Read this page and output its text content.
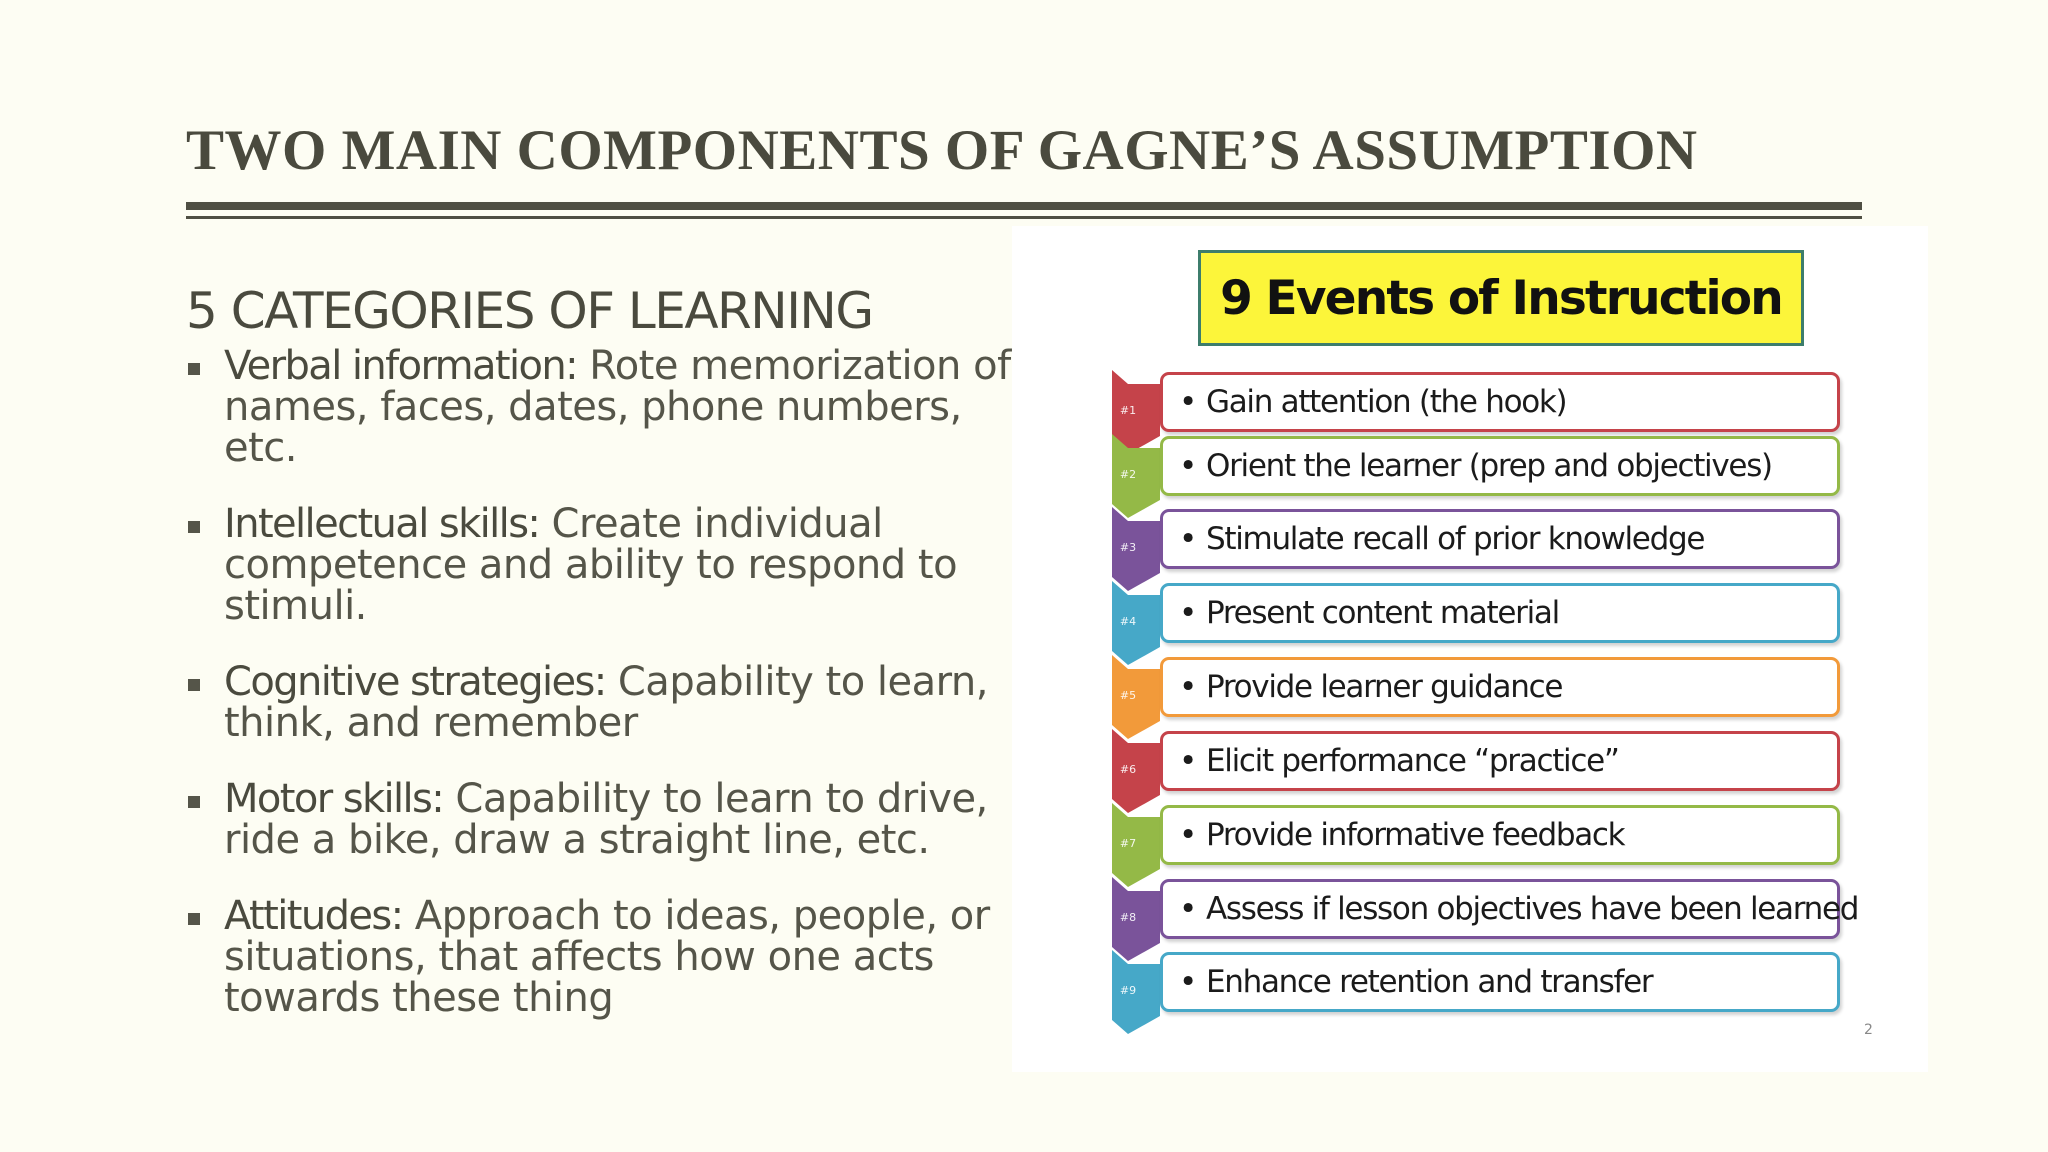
TWO MAIN COMPONENTS OF GAGNE’S ASSUMPTION
5 CATEGORIES OF LEARNING
Verbal information: Rote memorization of names, faces, dates, phone numbers, etc.
Intellectual skills: Create individual competence and ability to respond to stimuli.
Cognitive strategies: Capability to learn, think, and remember
Motor skills: Capability to learn to drive, ride a bike, draw a straight line, etc.
Attitudes: Approach to ideas, people, or situations, that affects how one acts towards these thing
9 Events of Instruction
2
#1 • Gain attention (the hook)
#2 • Orient the learner (prep and objectives)
#3 • Stimulate recall of prior knowledge
#4 • Present content material
#5 • Provide learner guidance
#6 • Elicit performance “practice”
#7 • Provide informative feedback
#8 • Assess if lesson objectives have been learned
#9 • Enhance retention and transfer
